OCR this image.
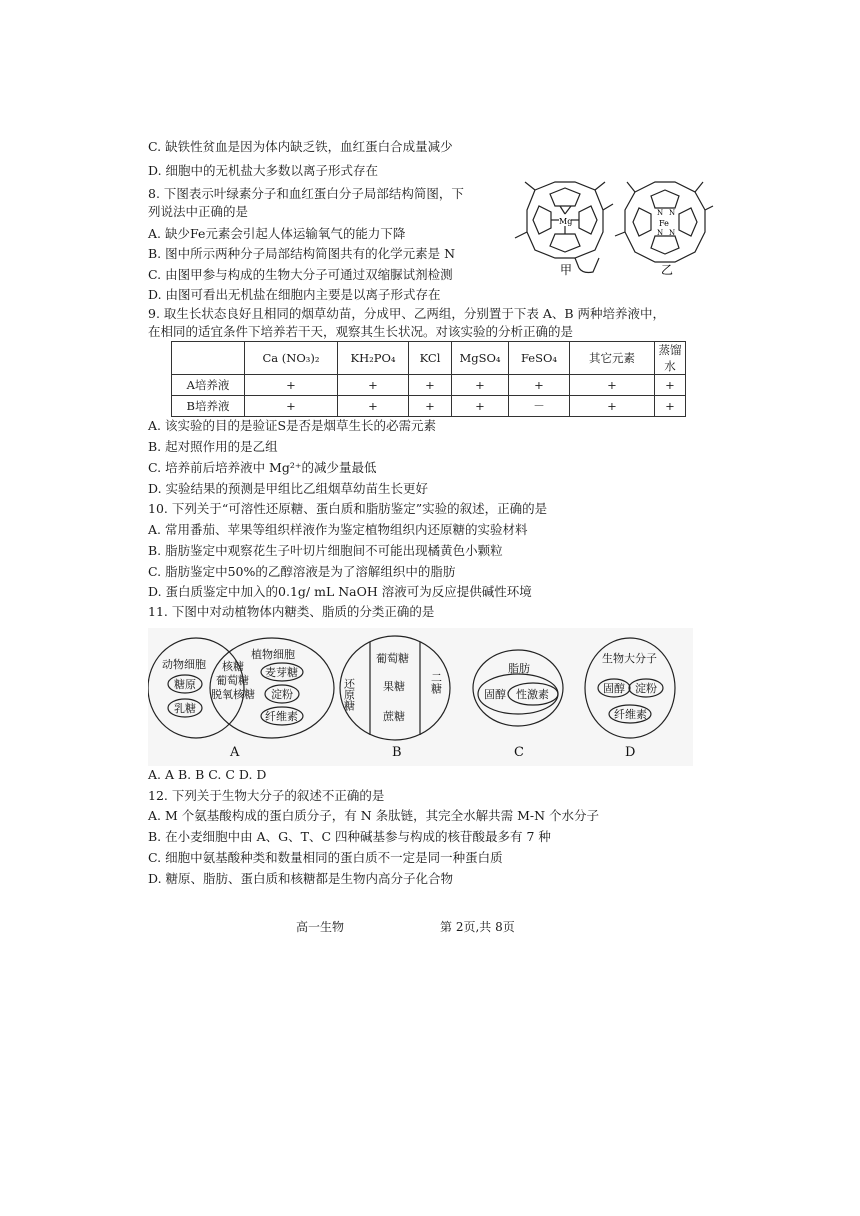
C. 缺铁性贫血是因为体内缺乏铁，血红蛋白合成量减少
D. 细胞中的无机盐大多数以离子形式存在
8. 下图表示叶绿素分子和血红蛋白分子局部结构简图，下
列说法中正确的是
A. 缺少Fe元素会引起人体运输氧气的能力下降
B. 图中所示两种分子局部结构简图共有的化学元素是 N
C. 由图甲参与构成的生物大分子可通过双缩脲试剂检测
D. 由图可看出无机盐在细胞内主要是以离子形式存在
9. 取生长状态良好且相同的烟草幼苗，分成甲、乙两组，分别置于下表 A、B 两种培养液中，
在相同的适宜条件下培养若干天，观察其生长状况。对该实验的分析正确的是
Mg
甲
N N
N N
Fe
乙
	Ca (NO₃)₂	KH₂PO₄	KCl	MgSO₄	FeSO₄	其它元素	蒸馏水
A培养液	+	+	+	+	+	+	+
B培养液	+	+	+	+	－	+	+
A. 该实验的目的是验证S是否是烟草生长的必需元素
B. 起对照作用的是乙组
C. 培养前后培养液中 Mg²⁺的减少量最低
D. 实验结果的预测是甲组比乙组烟草幼苗生长更好
10. 下列关于“可溶性还原糖、蛋白质和脂肪鉴定”实验的叙述，正确的是
A. 常用番茄、苹果等组织样液作为鉴定植物组织内还原糖的实验材料
B. 脂肪鉴定中观察花生子叶切片细胞间不可能出现橘黄色小颗粒
C. 脂肪鉴定中50%的乙醇溶液是为了溶解组织中的脂肪
D. 蛋白质鉴定中加入的0.1g/ mL NaOH 溶液可为反应提供碱性环境
11. 下图中对动植物体内糖类、脂质的分类正确的是
动物细胞
植物细胞
核糖
葡萄糖
脱氧核糖
糖原
乳糖
麦芽糖
淀粉
纤维素
A
还原糖	二糖
葡萄糖
果糖
蔗糖
B
脂肪
固醇 性激素
C
生物大分子
固醇 淀粉
纤维素
D
A. A B. B C. C D. D
12. 下列关于生物大分子的叙述不正确的是
A. M 个氨基酸构成的蛋白质分子，有 N 条肽链，其完全水解共需 M-N 个水分子
B. 在小麦细胞中由 A、G、T、C 四种碱基参与构成的核苷酸最多有 7 种
C. 细胞中氨基酸种类和数量相同的蛋白质不一定是同一种蛋白质
D. 糖原、脂肪、蛋白质和核糖都是生物内高分子化合物
高一生物	第 2页,共 8页
